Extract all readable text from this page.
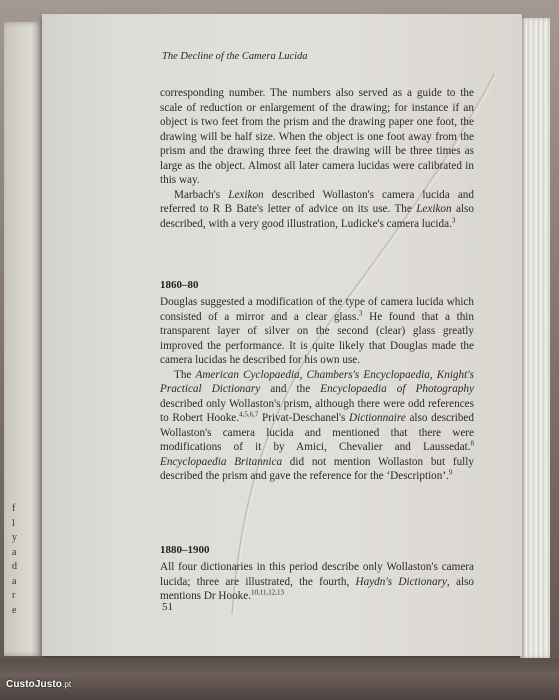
f
l
y
a
d
a
r
e
The Decline of the Camera Lucida

corresponding number. The numbers also served as a guide to the scale of reduction or enlargement of the drawing; for instance if an object is two feet from the prism and the drawing paper one foot, the drawing will be half size. When the object is one foot away from the prism and the drawing three feet the drawing will be three times as large as the object. Almost all later camera lucidas were calibrated in this way.

Marbach's Lexikon described Wollaston's camera lucida and referred to R B Bate's letter of advice on its use. The Lexikon also described, with a very good illustration, Ludicke's camera lucida.$^3$

1860–80

Douglas suggested a modification of the type of camera lucida which consisted of a mirror and a clear glass.$^3$ He found that a thin transparent layer of silver on the second (clear) glass greatly improved the performance. It is quite likely that Douglas made the camera lucidas he described for his own use.

The American Cyclopaedia, Chambers's Encyclopaedia, Knight's Practical Dictionary and the Encyclopaedia of Photography described only Wollaston's prism, although there were odd references to Robert Hooke.$^{4,5,6,7}$ Privat-Deschanel's Dictionnaire also described Wollaston's camera lucida and mentioned that there were modifications of it by Amici, Chevalier and Laussedat.$^8$ Encyclopaedia Britannica did not mention Wollaston but fully described the prism and gave the reference for the ‘Description’.$^9$

1880–1900

All four dictionaries in this period describe only Wollaston's camera lucida; three are illustrated, the fourth, Haydn's Dictionary, also mentions Dr Hooke.$^{10,11,12,13}$

51
CustoJusto.pt
